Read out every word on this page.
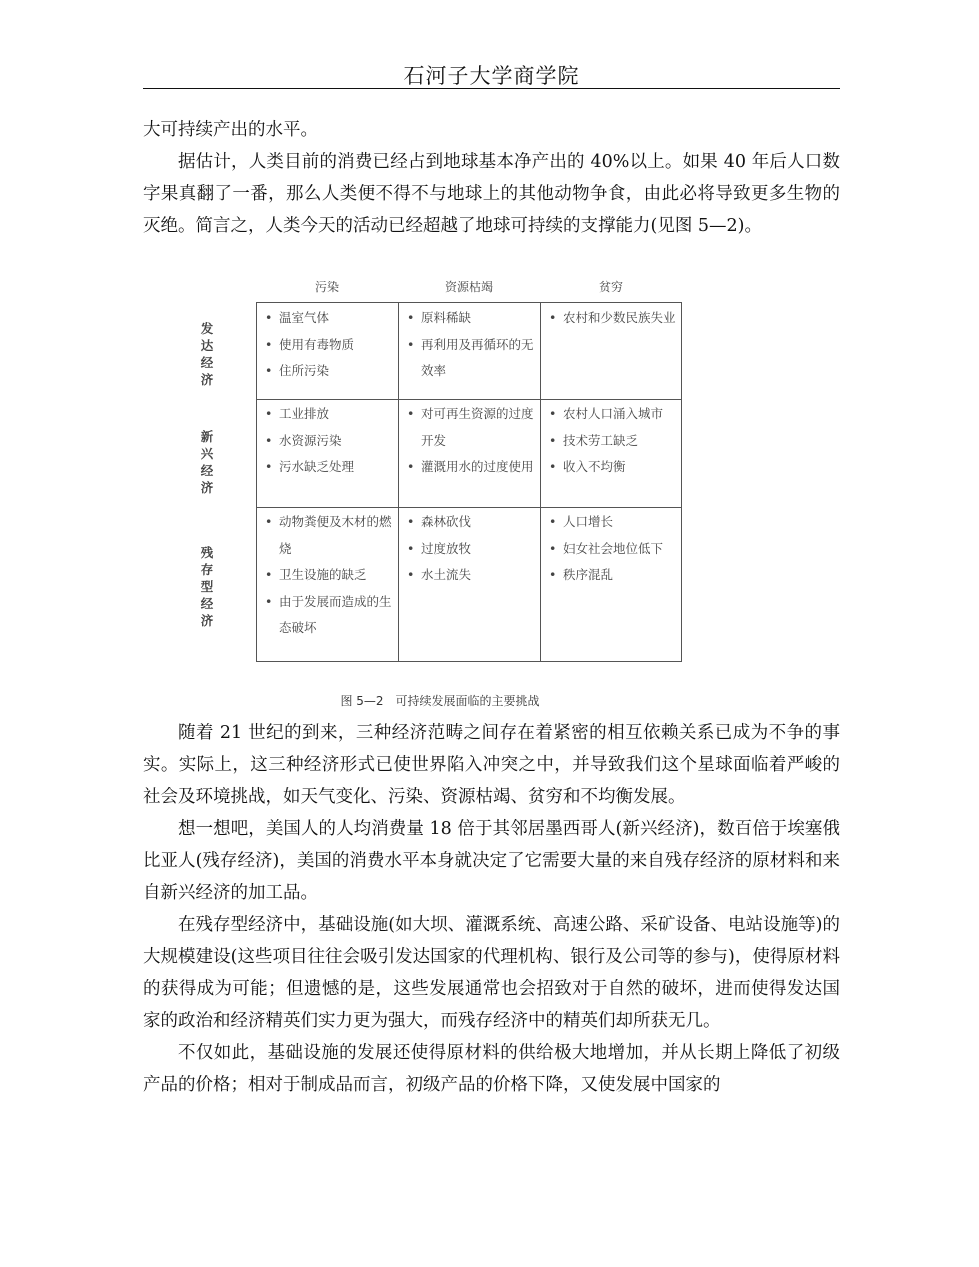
石河子大学商学院

大可持续产出的水平。

据估计，人类目前的消费已经占到地球基本净产出的 40%以上。如果 40 年后人口数字果真翻了一番，那么人类便不得不与地球上的其他动物争食，由此必将导致更多生物的灭绝。简言之，人类今天的活动已经超越了地球可持续的支撑能力(见图 5—2)。

污染	资源枯竭	贫穷
发达经济
新兴经济
残存型经济
• 温室气体
• 使用有毒物质
• 住所污染
• 原料稀缺
• 再利用及再循环的无效率
• 农村和少数民族失业
• 工业排放
• 水资源污染
• 污水缺乏处理
• 对可再生资源的过度开发
• 灌溉用水的过度使用
• 农村人口涌入城市
• 技术劳工缺乏
• 收入不均衡
• 动物粪便及木材的燃烧
• 卫生设施的缺乏
• 由于发展而造成的生态破坏
• 森林砍伐
• 过度放牧
• 水土流失
• 人口增长
• 妇女社会地位低下
• 秩序混乱
图 5—2　可持续发展面临的主要挑战

随着 21 世纪的到来，三种经济范畴之间存在着紧密的相互依赖关系已成为不争的事实。实际上，这三种经济形式已使世界陷入冲突之中，并导致我们这个星球面临着严峻的社会及环境挑战，如天气变化、污染、资源枯竭、贫穷和不均衡发展。

想一想吧，美国人的人均消费量 18 倍于其邻居墨西哥人(新兴经济)，数百倍于埃塞俄比亚人(残存经济)，美国的消费水平本身就决定了它需要大量的来自残存经济的原材料和来自新兴经济的加工品。

在残存型经济中，基础设施(如大坝、灌溉系统、高速公路、采矿设备、电站设施等)的大规模建设(这些项目往往会吸引发达国家的代理机构、银行及公司等的参与)，使得原材料的获得成为可能；但遗憾的是，这些发展通常也会招致对于自然的破坏，进而使得发达国家的政治和经济精英们实力更为强大，而残存经济中的精英们却所获无几。

不仅如此，基础设施的发展还使得原材料的供给极大地增加，并从长期上降低了初级产品的价格；相对于制成品而言，初级产品的价格下降，又使发展中国家的
